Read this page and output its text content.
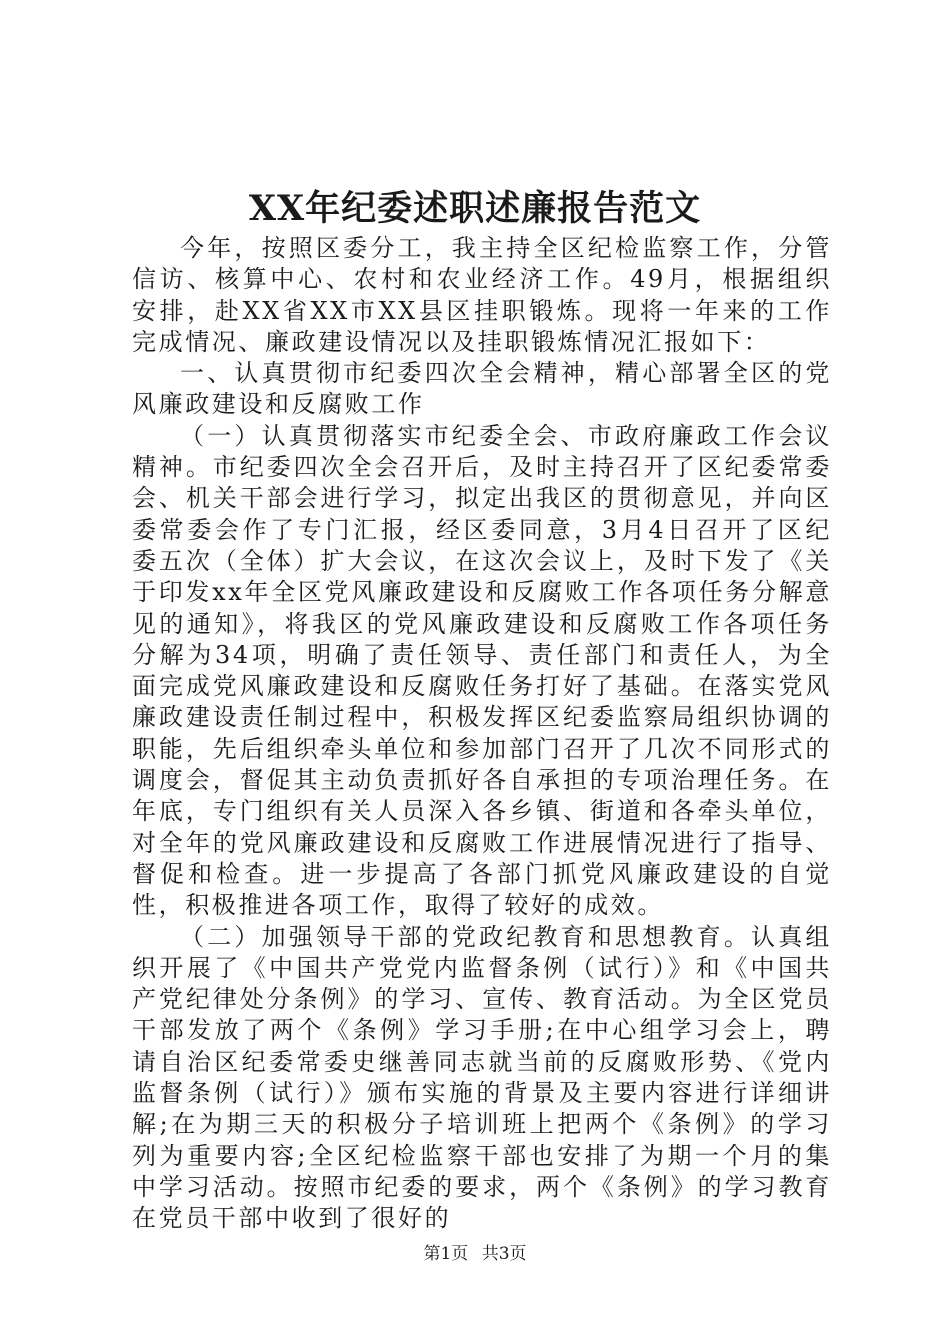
XX年纪委述职述廉报告范文

今年，按照区委分工，我主持全区纪检监察工作，分管信访、核算中心、农村和农业经济工作。49月，根据组织安排，赴XX省XX市XX县区挂职锻炼。现将一年来的工作完成情况、廉政建设情况以及挂职锻炼情况汇报如下：

一、认真贯彻市纪委四次全会精神，精心部署全区的党风廉政建设和反腐败工作

（一）认真贯彻落实市纪委全会、市政府廉政工作会议精神。市纪委四次全会召开后，及时主持召开了区纪委常委会、机关干部会进行学习，拟定出我区的贯彻意见，并向区委常委会作了专门汇报，经区委同意，3月4日召开了区纪委五次（全体）扩大会议，在这次会议上，及时下发了《关于印发xx年全区党风廉政建设和反腐败工作各项任务分解意见的通知》，将我区的党风廉政建设和反腐败工作各项任务分解为34项，明确了责任领导、责任部门和责任人，为全面完成党风廉政建设和反腐败任务打好了基础。在落实党风廉政建设责任制过程中，积极发挥区纪委监察局组织协调的职能，先后组织牵头单位和参加部门召开了几次不同形式的调度会，督促其主动负责抓好各自承担的专项治理任务。在年底，专门组织有关人员深入各乡镇、街道和各牵头单位，对全年的党风廉政建设和反腐败工作进展情况进行了指导、督促和检查。进一步提高了各部门抓党风廉政建设的自觉性，积极推进各项工作，取得了较好的成效。

（二）加强领导干部的党政纪教育和思想教育。认真组织开展了《中国共产党党内监督条例（试行）》和《中国共产党纪律处分条例》的学习、宣传、教育活动。为全区党员干部发放了两个《条例》学习手册;在中心组学习会上，聘请自治区纪委常委史继善同志就当前的反腐败形势、《党内监督条例（试行）》颁布实施的背景及主要内容进行详细讲解;在为期三天的积极分子培训班上把两个《条例》的学习列为重要内容;全区纪检监察干部也安排了为期一个月的集中学习活动。按照市纪委的要求，两个《条例》的学习教育在党员干部中收到了很好的

第1页 共3页
